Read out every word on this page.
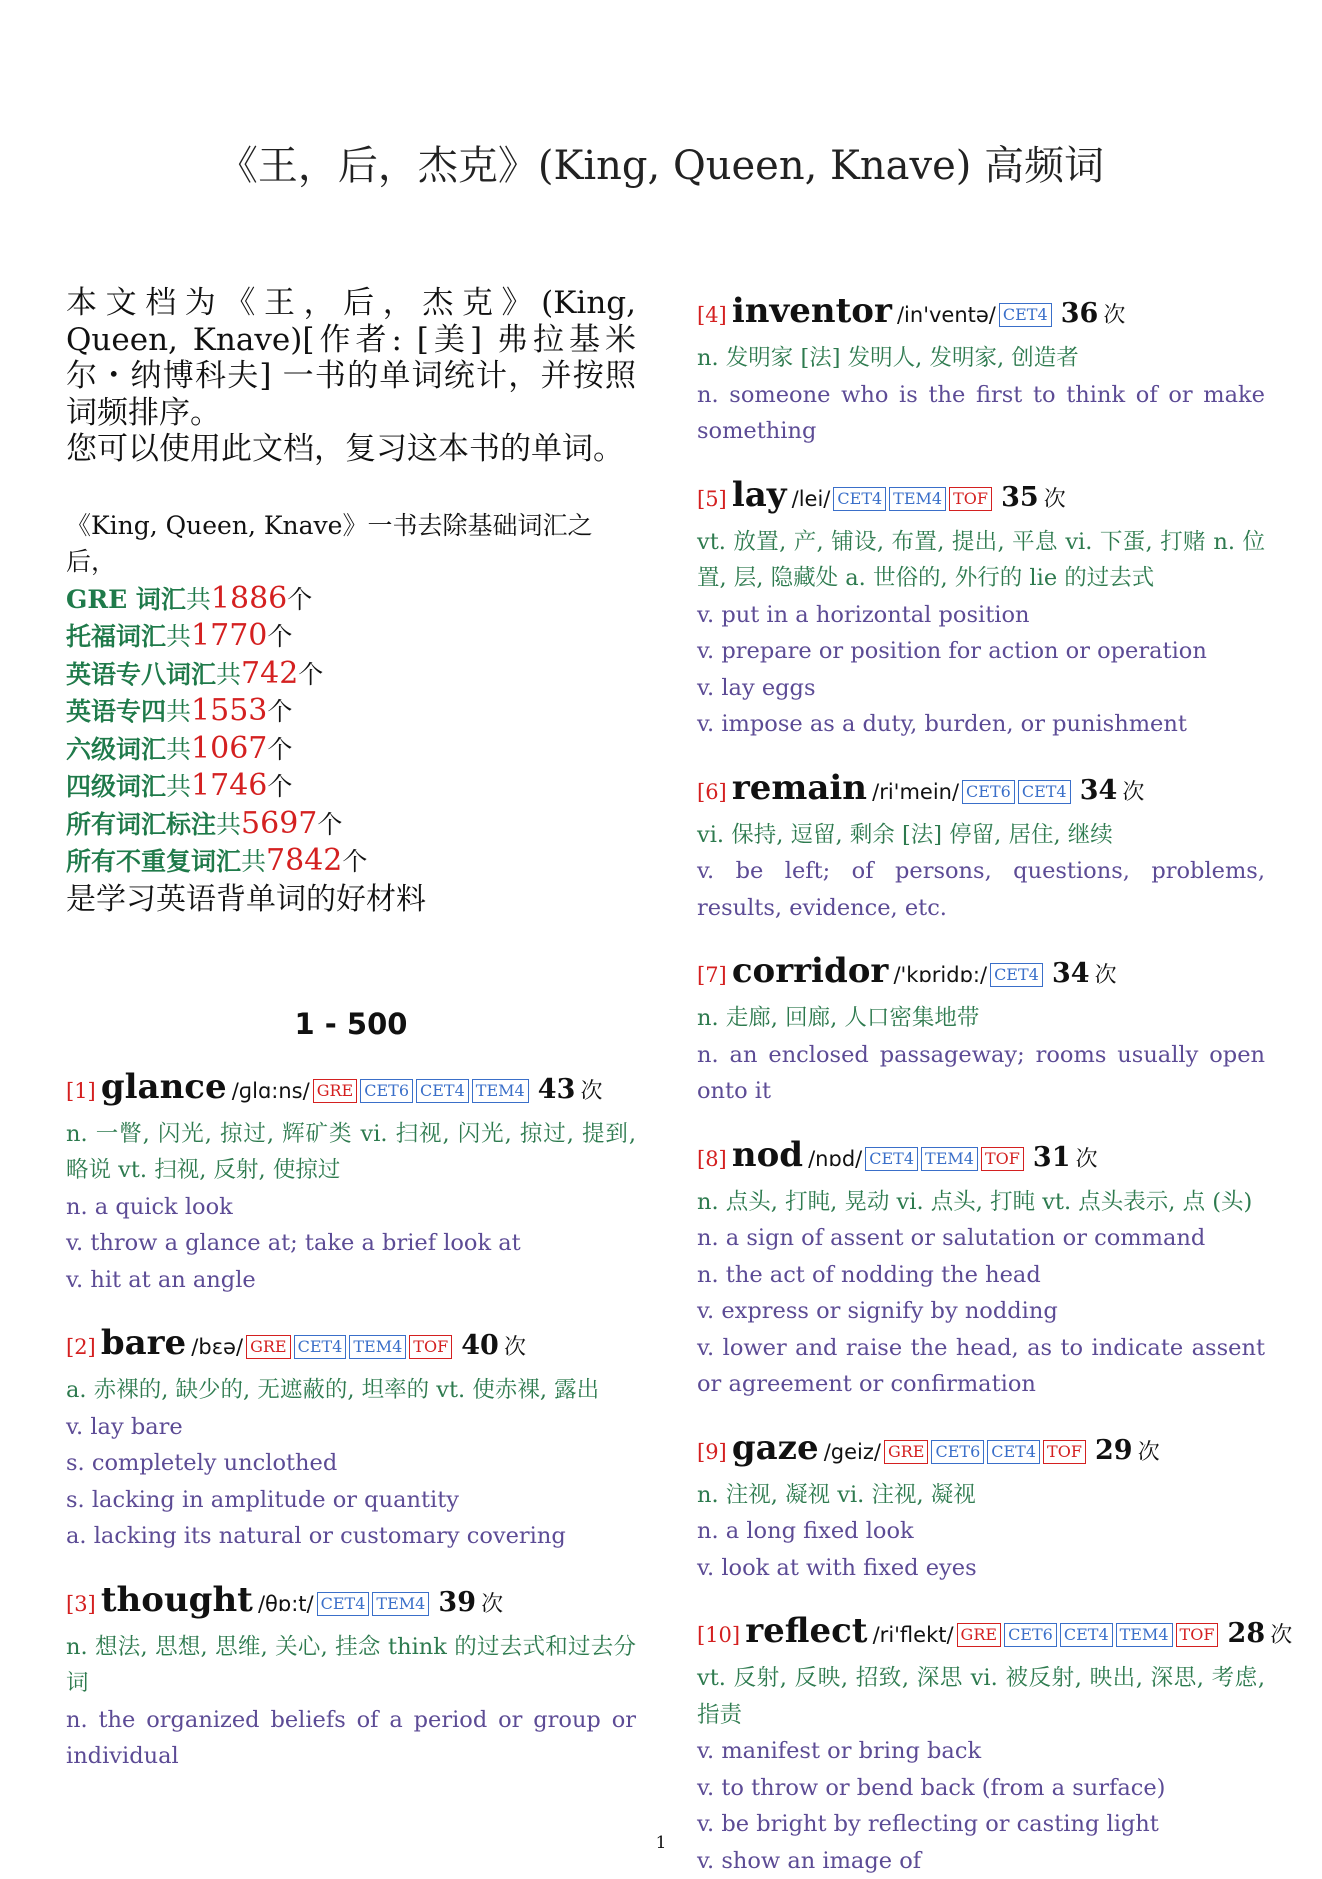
《王，后，杰克》(King, Queen, Knave) 高频词

本文档为《王，后，杰克》(King, Queen, Knave)[作者: [美] 弗拉基米尔・纳博科夫] 一书的单词统计，并按照词频排序。

您可以使用此文档，复习这本书的单词。

《King, Queen, Knave》一书去除基础词汇之后，
GRE 词汇共1886个
托福词汇共1770个
英语专八词汇共742个
英语专四共1553个
六级词汇共1067个
四级词汇共1746个
所有词汇标注共5697个
所有不重复词汇共7842个
是学习英语背单词的好材料
1 - 500
[1] glance /ɡlɑ:ns/ GRE CET6 CET4 TEM4 43 次
n. 一瞥, 闪光, 掠过, 辉矿类 vi. 扫视, 闪光, 掠过, 提到, 略说 vt. 扫视, 反射, 使掠过
n. a quick look
v. throw a glance at; take a brief look at
v. hit at an angle
[2] bare /bɛə/ GRE CET4 TEM4 TOF 40 次
a. 赤裸的, 缺少的, 无遮蔽的, 坦率的 vt. 使赤裸, 露出
v. lay bare
s. completely unclothed
s. lacking in amplitude or quantity
a. lacking its natural or customary covering
[3] thought /θɒ:t/ CET4 TEM4 39 次
n. 想法, 思想, 思维, 关心, 挂念 think 的过去式和过去分词
n. the organized beliefs of a period or group or individual
[4] inventor /in'ventə/ CET4 36 次
n. 发明家 [法] 发明人, 发明家, 创造者
n. someone who is the first to think of or make something
[5] lay /lei/ CET4 TEM4 TOF 35 次
vt. 放置, 产, 铺设, 布置, 提出, 平息 vi. 下蛋, 打赌 n. 位置, 层, 隐藏处 a. 世俗的, 外行的 lie 的过去式
v. put in a horizontal position
v. prepare or position for action or operation
v. lay eggs
v. impose as a duty, burden, or punishment
[6] remain /ri'mein/ CET6 CET4 34 次
vi. 保持, 逗留, 剩余 [法] 停留, 居住, 继续
v. be left; of persons, questions, problems, results, evidence, etc.
[7] corridor /'kɒridɒ:/ CET4 34 次
n. 走廊, 回廊, 人口密集地带
n. an enclosed passageway; rooms usually open onto it
[8] nod /nɒd/ CET4 TEM4 TOF 31 次
n. 点头, 打盹, 晃动 vi. 点头, 打盹 vt. 点头表示, 点 (头)
n. a sign of assent or salutation or command
n. the act of nodding the head
v. express or signify by nodding
v. lower and raise the head, as to indicate assent or agreement or confirmation
[9] gaze /geiz/ GRE CET6 CET4 TOF 29 次
n. 注视, 凝视 vi. 注视, 凝视
n. a long fixed look
v. look at with fixed eyes
[10] reflect /ri'flekt/ GRE CET6 CET4 TEM4 TOF 28 次
vt. 反射, 反映, 招致, 深思 vi. 被反射, 映出, 深思, 考虑, 指责
v. manifest or bring back
v. to throw or bend back (from a surface)
v. be bright by reflecting or casting light
v. show an image of
1
